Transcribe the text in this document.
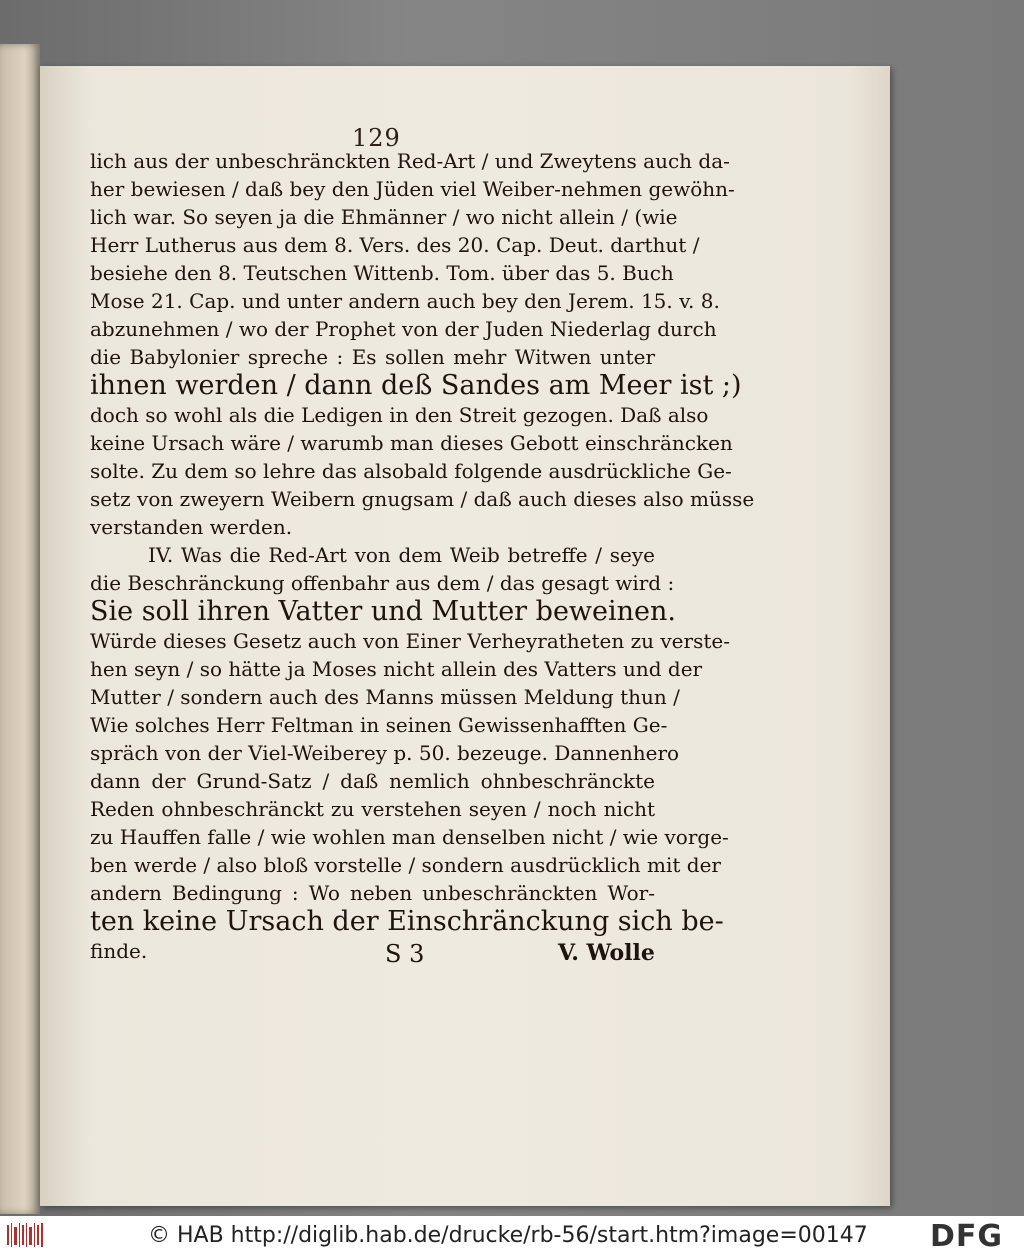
129
lich aus der unbeschränckten Red-Art / und Zweytens auch da-
her bewiesen / daß bey den Jüden viel Weiber-nehmen gewöhn-
lich war. So seyen ja die Ehmänner / wo nicht allein / (wie
Herr Lutherus aus dem 8. Vers. des 20. Cap. Deut. darthut /
besiehe den 8. Teutschen Wittenb. Tom. über das 5. Buch
Mose 21. Cap. und unter andern auch bey den Jerem. 15. v. 8.
abzunehmen / wo der Prophet von der Juden Niederlag durch
die Babylonier spreche : Es sollen mehr Witwen unter
ihnen werden / dann deß Sandes am Meer ist ;)
doch so wohl als die Ledigen in den Streit gezogen. Daß also
keine Ursach wäre / warumb man dieses Gebott einschräncken
solte. Zu dem so lehre das alsobald folgende ausdrückliche Ge-
setz von zweyern Weibern gnugsam / daß auch dieses also müsse
verstanden werden.
IV. Was die Red-Art von dem Weib betreffe / seye
die Beschränckung offenbahr aus dem / das gesagt wird :
Sie soll ihren Vatter und Mutter beweinen.
Würde dieses Gesetz auch von Einer Verheyratheten zu verste-
hen seyn / so hätte ja Moses nicht allein des Vatters und der
Mutter / sondern auch des Manns müssen Meldung thun /
Wie solches Herr Feltman in seinen Gewissenhafften Ge-
spräch von der Viel-Weiberey p. 50. bezeuge. Dannenhero
dann der Grund-Satz / daß nemlich ohnbeschränckte
Reden ohnbeschränckt zu verstehen seyen / noch nicht
zu Hauffen falle / wie wohlen man denselben nicht / wie vorge-
ben werde / also bloß vorstelle / sondern ausdrücklich mit der
andern Bedingung : Wo neben unbeschränckten Wor-
ten keine Ursach der Einschränckung sich be-
finde.	S 3	V. Wolle
© HAB http://diglib.hab.de/drucke/rb-56/start.htm?image=00147 DFG
